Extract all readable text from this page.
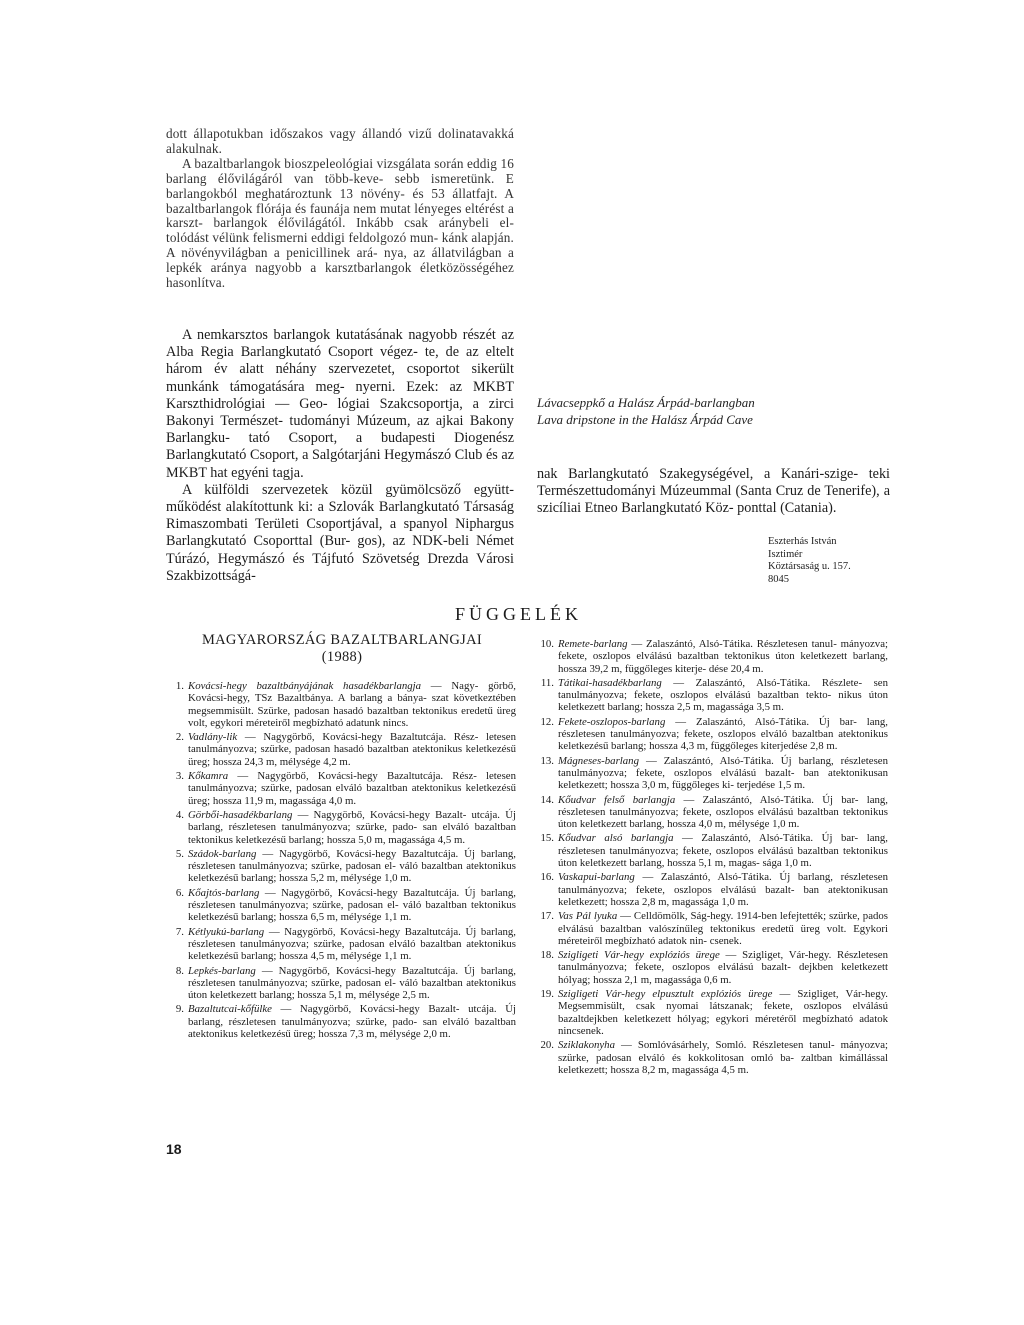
dott állapotukban időszakos vagy állandó vizű dolinatavakká alakulnak.

A bazaltbarlangok bioszpeleológiai vizsgálata során eddig 16 barlang élővilágáról van több-keve- sebb ismeretünk. E barlangokból meghatároztunk 13 növény- és 53 állatfajt. A bazaltbarlangok flórája és faunája nem mutat lényeges eltérést a karszt- barlangok élővilágától. Inkább csak aránybeli el- tolódást vélünk felismerni eddigi feldolgozó mun- kánk alapján. A növényvilágban a penicillinek ará- nya, az állatvilágban a lepkék aránya nagyobb a karsztbarlangok életközösségéhez hasonlítva.

A nemkarsztos barlangok kutatásának nagyobb részét az Alba Regia Barlangkutató Csoport végez- te, de az eltelt három év alatt néhány szervezetet, csoportot sikerült munkánk támogatására meg- nyerni. Ezek: az MKBT Karszthidrológiai — Geo- lógiai Szakcsoportja, a zirci Bakonyi Természet- tudományi Múzeum, az ajkai Bakony Barlangku- tató Csoport, a budapesti Diogenész Barlangkutató Csoport, a Salgótarjáni Hegymászó Club és az MKBT hat egyéni tagja.

A külföldi szervezetek közül gyümölcsöző együtt- működést alakítottunk ki: a Szlovák Barlangkutató Társaság Rimaszombati Területi Csoportjával, a spanyol Niphargus Barlangkutató Csoporttal (Bur- gos), az NDK-beli Német Túrázó, Hegymászó és Tájfutó Szövetség Drezda Városi Szakbizottságá-

Lávacseppkő a Halász Árpád-barlangban
Lava dripstone in the Halász Árpád Cave

nak Barlangkutató Szakegységével, a Kanári-szige- teki Természettudományi Múzeummal (Santa Cruz de Tenerife), a szicíliai Etneo Barlangkutató Köz- ponttal (Catania).

Eszterhás István
Isztimér
Köztársaság u. 157.
8045
FÜGGELÉK
MAGYARORSZÁG BAZALTBARLANGJAI
(1988)
1. Kovácsi-hegy bazaltbányájának hasadékbarlangja — Nagy- görbő, Kovácsi-hegy, TSz Bazaltbánya. A barlang a bánya- szat következtében megsemmisült. Szürke, padosan hasadó bazaltban tektonikus eredetű üreg volt, egykori méreteiről megbízható adatunk nincs.
2. Vadlány-lik — Nagygörbő, Kovácsi-hegy Bazaltutcája. Rész- letesen tanulmányozva; szürke, padosan hasadó bazaltban atektonikus keletkezésű üreg; hossza 24,3 m, mélysége 4,2 m.
3. Kőkamra — Nagygörbő, Kovácsi-hegy Bazaltutcája. Rész- letesen tanulmányozva; szürke, padosan elváló bazaltban atektonikus keletkezésű üreg; hossza 11,9 m, magassága 4,0 m.
4. Görbői-hasadékbarlang — Nagygörbő, Kovácsi-hegy Bazalt- utcája. Új barlang, részletesen tanulmányozva; szürke, pado- san elváló bazaltban tektonikus keletkezésű barlang; hossza 5,0 m, magassága 4,5 m.
5. Szádok-barlang — Nagygörbő, Kovácsi-hegy Bazaltutcája. Új barlang, részletesen tanulmányozva; szürke, padosan el- váló bazaltban atektonikus keletkezésű barlang; hossza 5,2 m, mélysége 1,0 m.
6. Kőajtós-barlang — Nagygörbő, Kovácsi-hegy Bazaltutcája. Új barlang, részletesen tanulmányozva; szürke, padosan el- váló bazaltban tektonikus keletkezésű barlang; hossza 6,5 m, mélysége 1,1 m.
7. Kétlyukú-barlang — Nagygörbő, Kovácsi-hegy Bazaltutcája. Új barlang, részletesen tanulmányozva; szürke, padosan elváló bazaltban atektonikus keletkezésű barlang; hossza 4,5 m, mélysége 1,1 m.
8. Lepkés-barlang — Nagygörbő, Kovácsi-hegy Bazaltutcája. Új barlang, részletesen tanulmányozva; szürke, padosan el- váló bazaltban atektonikus úton keletkezett barlang; hossza 5,1 m, mélysége 2,5 m.
9. Bazaltutcai-kőfülke — Nagygörbő, Kovácsi-hegy Bazalt- utcája. Új barlang, részletesen tanulmányozva; szürke, pado- san elváló bazaltban atektonikus keletkezésű üreg; hossza 7,3 m, mélysége 2,0 m.
10. Remete-barlang — Zalaszántó, Alsó-Tátika. Részletesen tanul- mányozva; fekete, oszlopos elválású bazaltban tektonikus úton keletkezett barlang, hossza 39,2 m, függőleges kiterje- dése 20,4 m.
11. Tátikai-hasadékbarlang — Zalaszántó, Alsó-Tátika. Részlete- sen tanulmányozva; fekete, oszlopos elválású bazaltban tekto- nikus úton keletkezett barlang; hossza 2,5 m, magassága 3,5 m.
12. Fekete-oszlopos-barlang — Zalaszántó, Alsó-Tátika. Új bar- lang, részletesen tanulmányozva; fekete, oszlopos elváló bazaltban atektonikus keletkezésű barlang; hossza 4,3 m, függőleges kiterjedése 2,8 m.
13. Mágneses-barlang — Zalaszántó, Alsó-Tátika. Új barlang, részletesen tanulmányozva; fekete, oszlopos elválású bazalt- ban atektonikusan keletkezett; hossza 3,0 m, függőleges ki- terjedése 1,5 m.
14. Kőudvar felső barlangja — Zalaszántó, Alsó-Tátika. Új bar- lang, részletesen tanulmányozva; fekete, oszlopos elválású bazaltban tektonikus úton keletkezett barlang, hossza 4,0 m, mélysége 1,0 m.
15. Kőudvar alsó barlangja — Zalaszántó, Alsó-Tátika. Új bar- lang, részletesen tanulmányozva; fekete, oszlopos elválású bazaltban tektonikus úton keletkezett barlang, hossza 5,1 m, magas- sága 1,0 m.
16. Vaskapui-barlang — Zalaszántó, Alsó-Tátika. Új barlang, részletesen tanulmányozva; fekete, oszlopos elválású bazalt- ban atektonikusan keletkezett; hossza 2,8 m, magassága 1,0 m.
17. Vas Pál lyuka — Celldömölk, Ság-hegy. 1914-ben lefejtették; szürke, pados elválású bazaltban valószínűleg tektonikus eredetű üreg volt. Egykori méreteiről megbízható adatok nin- csenek.
18. Szigligeti Vár-hegy explóziós ürege — Szigliget, Vár-hegy. Részletesen tanulmányozva; fekete, oszlopos elválású bazalt- dejkben keletkezett hólyag; hossza 2,1 m, magassága 0,6 m.
19. Szigligeti Vár-hegy elpusztult explóziós ürege — Szigliget, Vár-hegy. Megsemmisült, csak nyomai látszanak; fekete, oszlopos elválású bazaltdejkben keletkezett hólyag; egykori méretéről megbízható adatok nincsenek.
20. Sziklakonyha — Somlóvásárhely, Somló. Részletesen tanul- mányozva; szürke, padosan elváló és kokkolitosan omló ba- zaltban kimállással keletkezett; hossza 8,2 m, magassága 4,5 m.
18
